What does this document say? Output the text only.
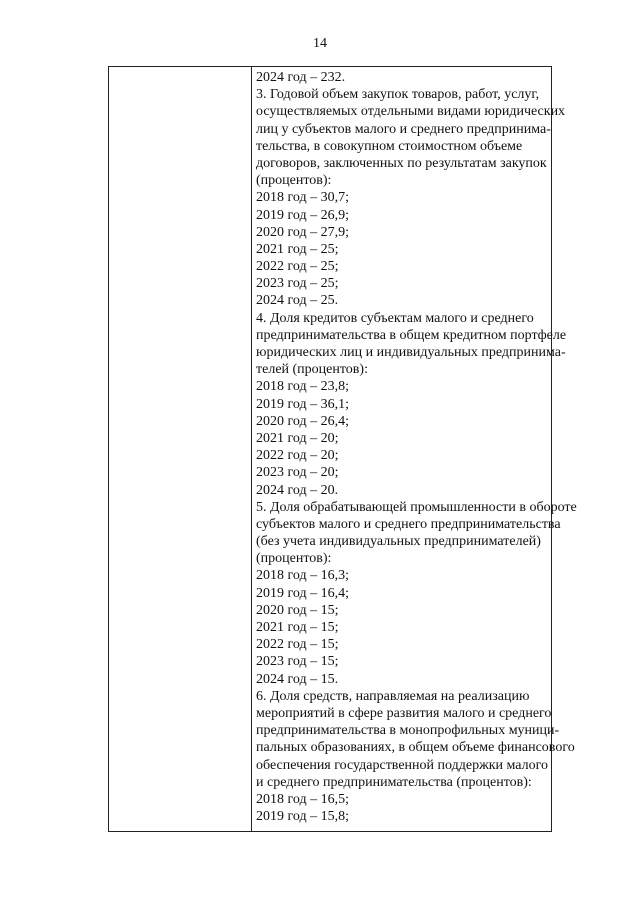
14
2024 год – 232.
3. Годовой объем закупок товаров, работ, услуг,
осуществляемых отдельными видами юридических
лиц у субъектов малого и среднего предпринима-
тельства, в совокупном стоимостном объеме
договоров, заключенных по результатам закупок
(процентов):
2018 год – 30,7;
2019 год – 26,9;
2020 год – 27,9;
2021 год – 25;
2022 год – 25;
2023 год – 25;
2024 год – 25.
4. Доля кредитов субъектам малого и среднего
предпринимательства в общем кредитном портфеле
юридических лиц и индивидуальных предпринима-
телей (процентов):
2018 год – 23,8;
2019 год – 36,1;
2020 год – 26,4;
2021 год – 20;
2022 год – 20;
2023 год – 20;
2024 год – 20.
5. Доля обрабатывающей промышленности в обороте
субъектов малого и среднего предпринимательства
(без учета индивидуальных предпринимателей)
(процентов):
2018 год – 16,3;
2019 год – 16,4;
2020 год – 15;
2021 год – 15;
2022 год – 15;
2023 год – 15;
2024 год – 15.
6. Доля средств, направляемая на реализацию
мероприятий в сфере развития малого и среднего
предпринимательства в монопрофильных муници-
пальных образованиях, в общем объеме финансового
обеспечения государственной поддержки малого
и среднего предпринимательства (процентов):
2018 год – 16,5;
2019 год – 15,8;
